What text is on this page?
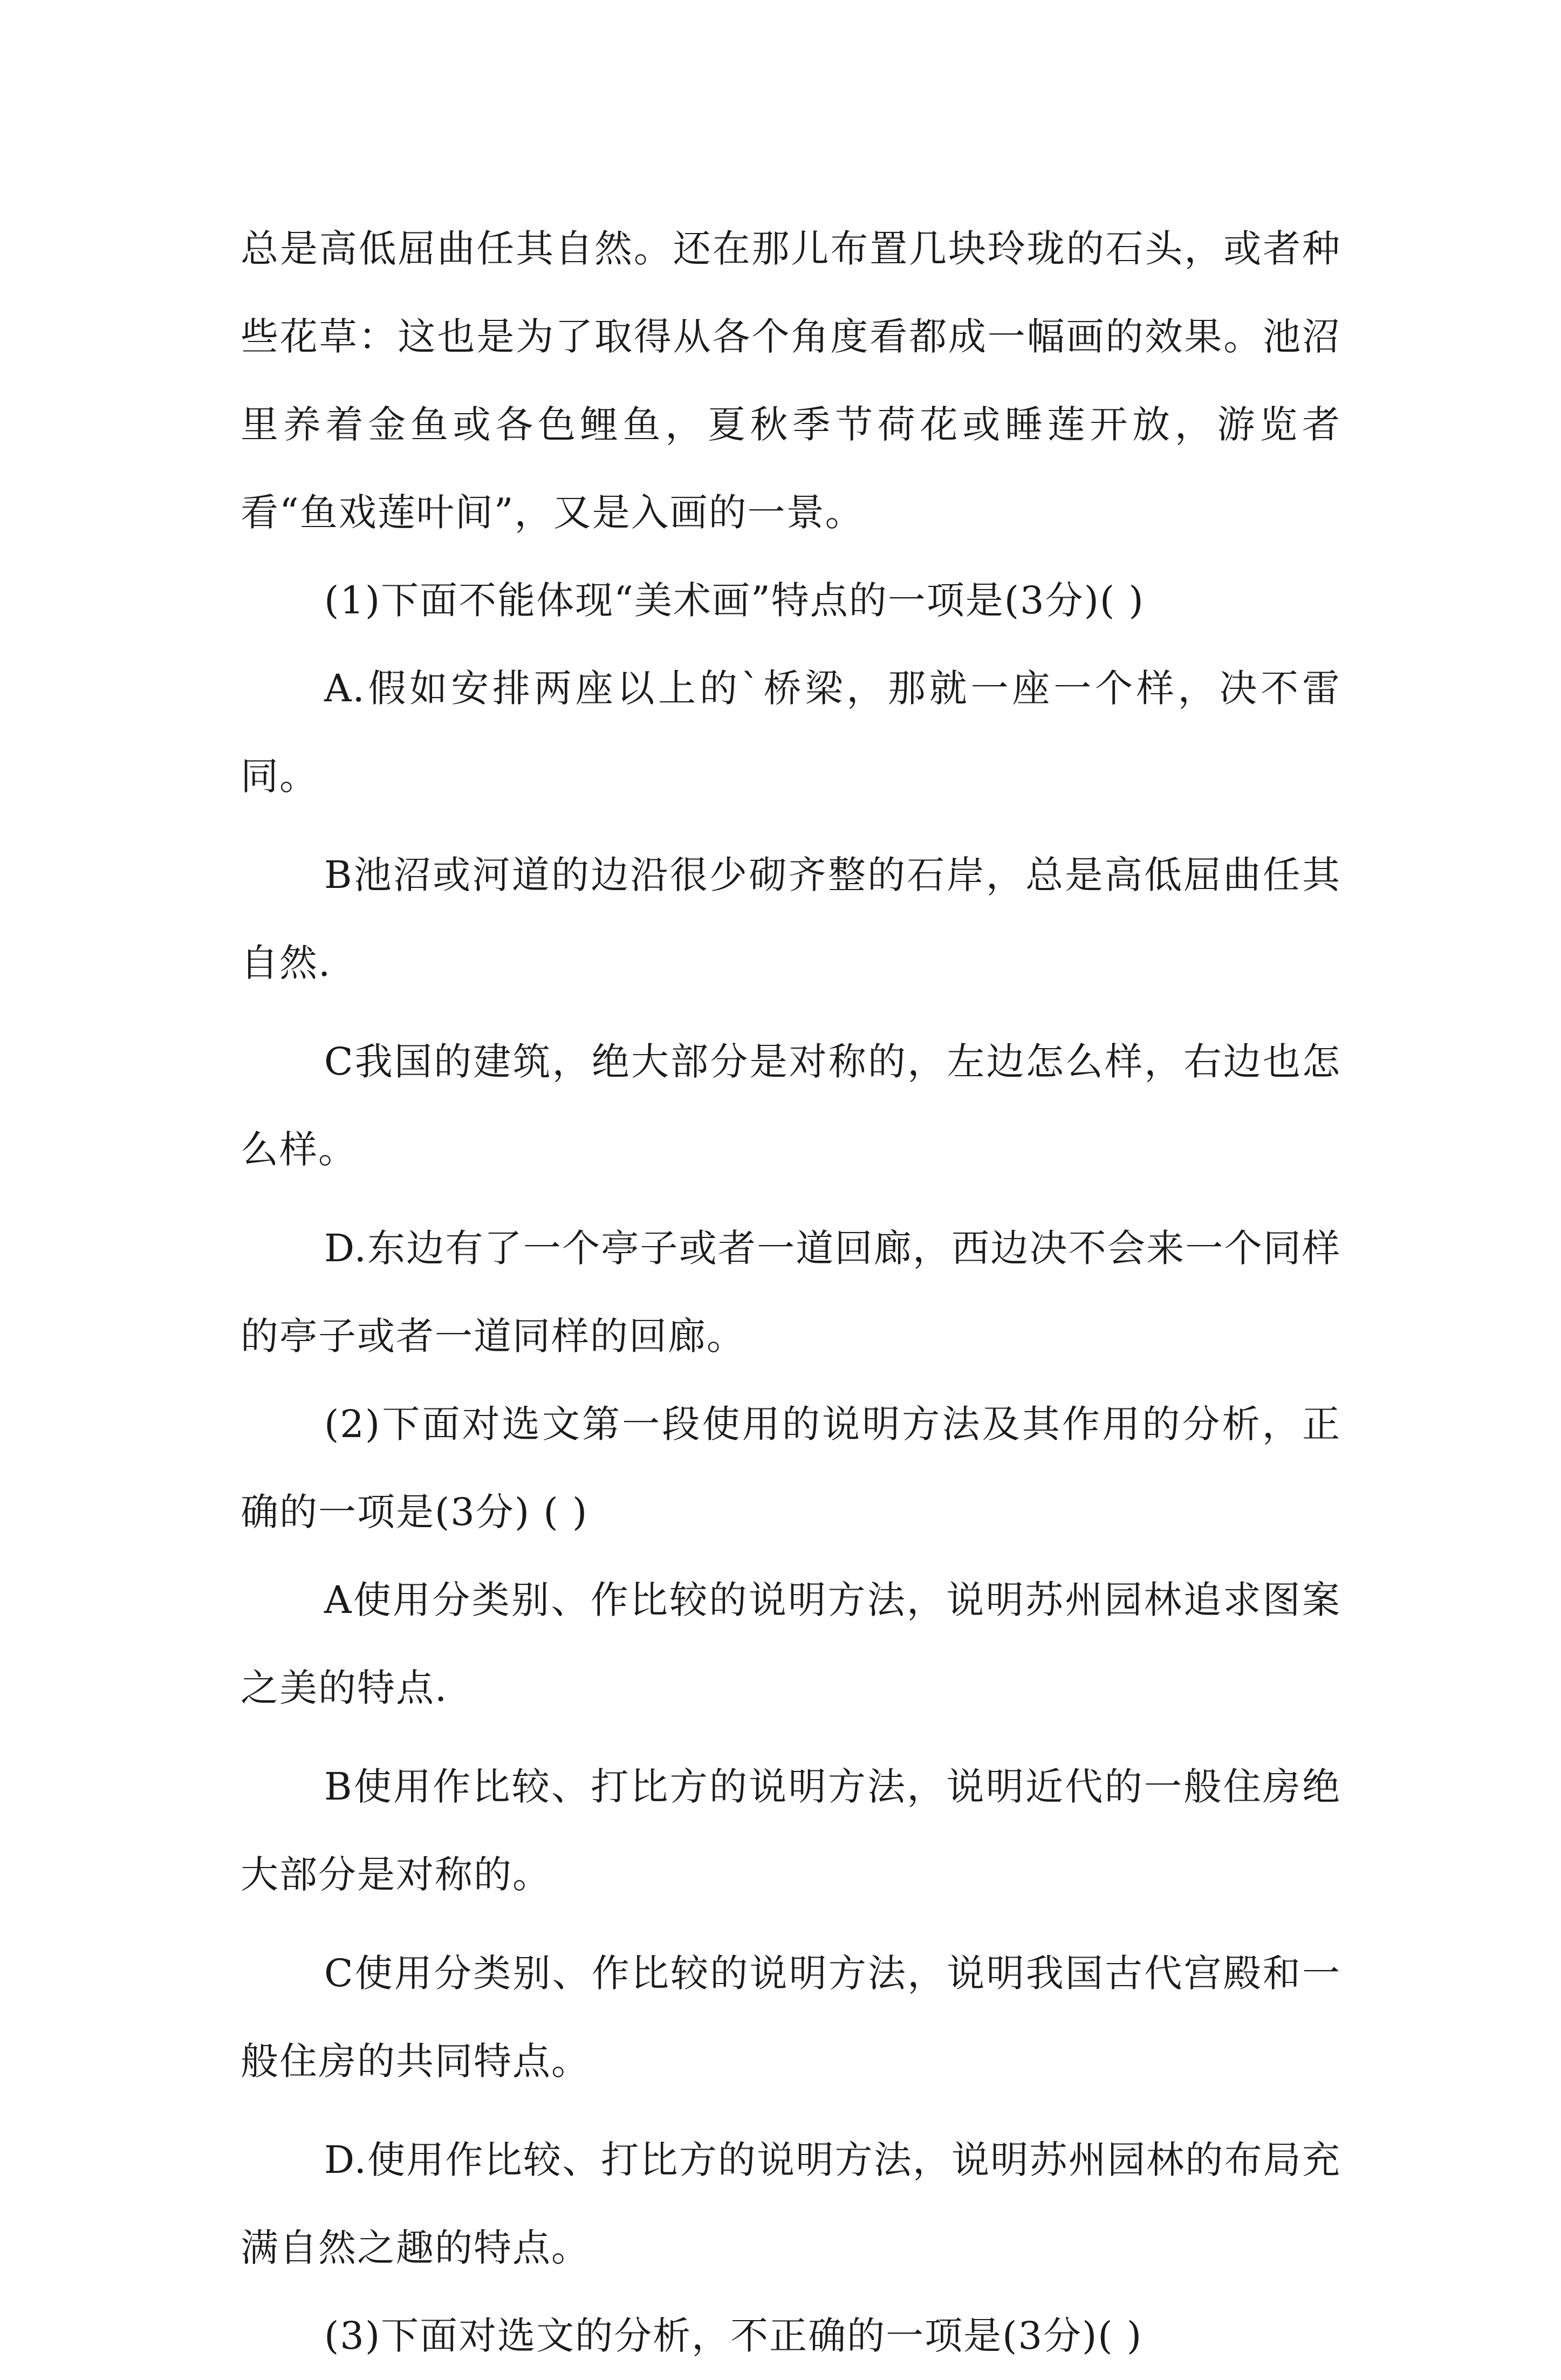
总是高低屈曲任其自然。还在那儿布置几块玲珑的石头，或者种些花草：这也是为了取得从各个角度看都成一幅画的效果。池沼里养着金鱼或各色鲤鱼，夏秋季节荷花或睡莲开放，游览者看“鱼戏莲叶间”，又是入画的一景。

(1)下面不能体现“美术画”特点的一项是(3分)( )

A.假如安排两座以上的`桥梁，那就一座一个样，决不雷同。

B池沼或河道的边沿很少砌齐整的石岸，总是高低屈曲任其自然.

C我国的建筑，绝大部分是对称的，左边怎么样，右边也怎么样。

D.东边有了一个亭子或者一道回廊，西边决不会来一个同样的亭子或者一道同样的回廊。

(2)下面对选文第一段使用的说明方法及其作用的分析，正确的一项是(3分) ( )

A使用分类别、作比较的说明方法，说明苏州园林追求图案之美的特点.

B使用作比较、打比方的说明方法，说明近代的一般住房绝大部分是对称的。

C使用分类别、作比较的说明方法，说明我国古代宫殿和一般住房的共同特点。

D.使用作比较、打比方的说明方法，说明苏州园林的布局充满自然之趣的特点。

(3)下面对选文的分析，不正确的一项是(3分)( )
